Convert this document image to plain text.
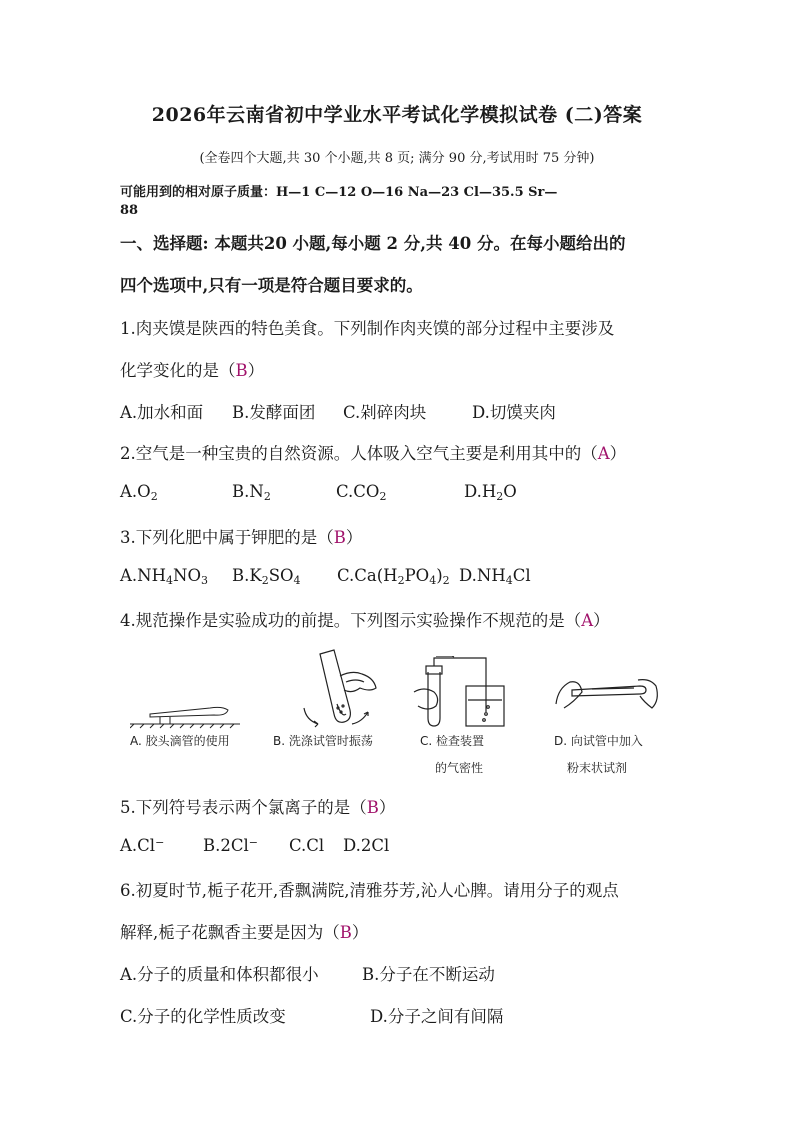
2026年云南省初中学业水平考试化学模拟试卷 (二)答案
(全卷四个大题,共 30 个小题,共 8 页; 满分 90 分,考试用时 75 分钟)
可能用到的相对原子质量：H—1 C—12 O—16 Na—23 Cl—35.5 Sr—
88
一、选择题: 本题共20 小题,每小题 2 分,共 40 分。在每小题给出的
四个选项中,只有一项是符合题目要求的。
1.肉夹馍是陕西的特色美食。下列制作肉夹馍的部分过程中主要涉及
化学变化的是（B）
A.加水和面 B.发酵面团 C.剁碎肉块	D.切馍夹肉
2.空气是一种宝贵的自然资源。人体吸入空气主要是利用其中的（A）
$A.O_2$	$B.N_2$	$C.CO_2$	$D.H_2O$
3.下列化肥中属于钾肥的是（B）
$A.NH_4NO_3$ $B.K_2SO_4$ $C.Ca(H_2PO_4)_2$ $D.NH_4Cl$
4.规范操作是实验成功的前提。下列图示实验操作不规范的是（A）
A. 胶头滴管的使用	B. 洗涤试管时振荡	C. 检查装置
的气密性
D. 向试管中加入
粉末状试剂
5.下列符号表示两个氯离子的是（B）
A.Cl− B.2Cl− C.Cl D.2Cl
6.初夏时节,栀子花开,香飘满院,清雅芬芳,沁人心脾。请用分子的观点
解释,栀子花飘香主要是因为（B）
A.分子的质量和体积都很小	B.分子在不断运动
C.分子的化学性质改变	D.分子之间有间隔
